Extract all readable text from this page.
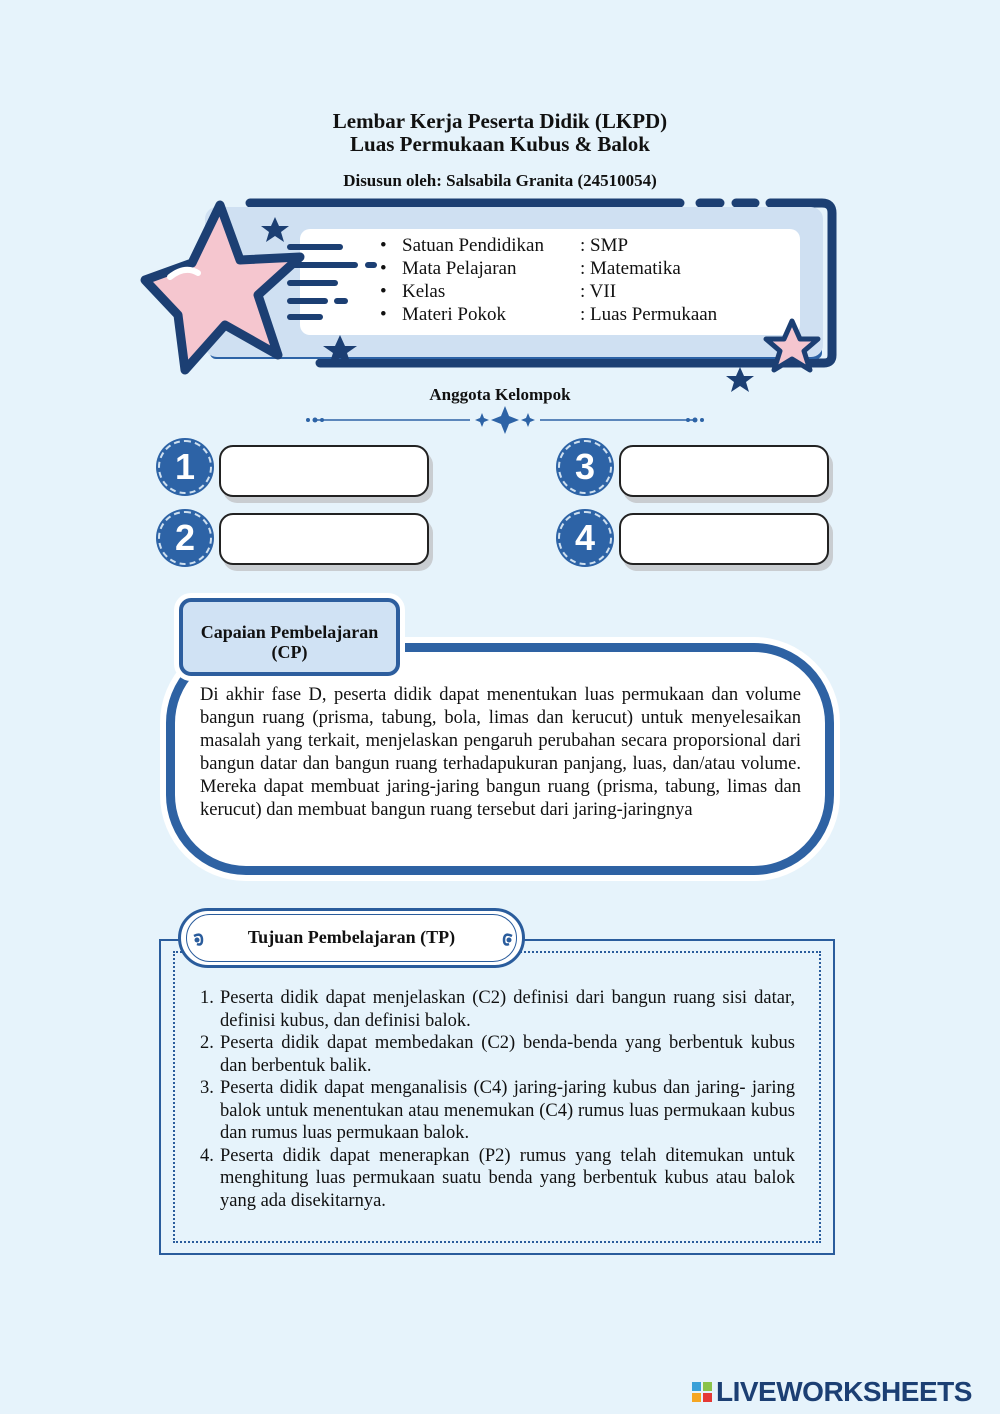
Lembar Kerja Peserta Didik (LKPD)
Luas Permukaan Kubus & Balok
Disusun oleh: Salsabila Granita (24510054)
• Satuan Pendidikan	: SMP
• Mata Pelajaran	: Matematika
• Kelas	: VII
• Materi Pokok	: Luas Permukaan
Anggota Kelompok
1
2
3
4
Capaian Pembelajaran (CP)

Di akhir fase D, peserta didik dapat menentukan luas permukaan dan volume bangun ruang (prisma, tabung, bola, limas dan kerucut) untuk menyelesaikan masalah yang terkait, menjelaskan pengaruh perubahan secara proporsional dari bangun datar dan bangun ruang terhadapukuran panjang, luas, dan/atau volume. Mereka dapat membuat jaring-jaring bangun ruang (prisma, tabung, limas dan kerucut) dan membuat bangun ruang tersebut dari jaring-jaringnya

Tujuan Pembelajaran (TP)
1. Peserta didik dapat menjelaskan (C2) definisi dari bangun ruang sisi datar, definisi kubus, dan definisi balok.
2. Peserta didik dapat membedakan (C2) benda-benda yang berbentuk kubus dan berbentuk balik.
3. Peserta didik dapat menganalisis (C4) jaring-jaring kubus dan jaring- jaring balok untuk menentukan atau menemukan (C4) rumus luas permukaan kubus dan rumus luas permukaan balok.
4. Peserta didik dapat menerapkan (P2) rumus yang telah ditemukan untuk menghitung luas permukaan suatu benda yang berbentuk kubus atau balok yang ada disekitarnya.
LIVEWORKSHEETS
